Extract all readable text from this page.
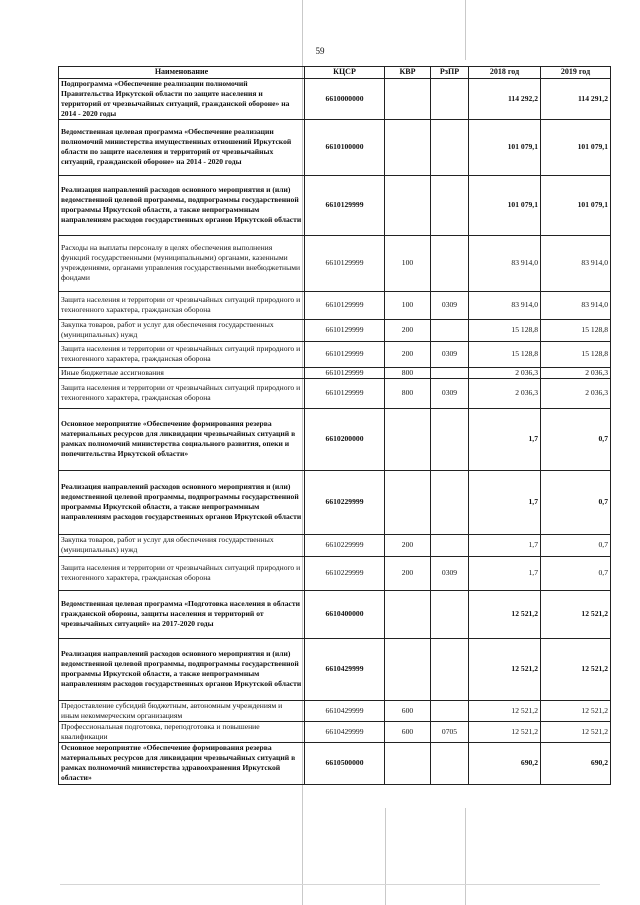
59
Наименование	КЦСР	КВР	РзПР	2018 год	2019 год
Подпрограмма «Обеспечение реализации полномочий Правительства Иркутской области по защите населения и территорий от чрезвычайных ситуаций, гражданской обороне» на 2014 - 2020 годы	6610000000			114 292,2	114 291,2
Ведомственная целевая программа «Обеспечение реализации полномочий министерства имущественных отношений Иркутской области по защите населения и территорий от чрезвычайных ситуаций, гражданской обороне» на 2014 - 2020 годы	6610100000			101 079,1	101 079,1
Реализация направлений расходов основного мероприятия и (или) ведомственной целевой программы, подпрограммы государственной программы Иркутской области, а также непрограммным направлениям расходов государственных органов Иркутской области	6610129999			101 079,1	101 079,1
Расходы на выплаты персоналу в целях обеспечения выполнения функций государственными (муниципальными) органами, казенными учреждениями, органами управления государственными внебюджетными фондами	6610129999	100		83 914,0	83 914,0
Защита населения и территории от чрезвычайных ситуаций природного и техногенного характера, гражданская оборона	6610129999	100	0309	83 914,0	83 914,0
Закупка товаров, работ и услуг для обеспечения государственных (муниципальных) нужд	6610129999	200		15 128,8	15 128,8
Защита населения и территории от чрезвычайных ситуаций природного и техногенного характера, гражданская оборона	6610129999	200	0309	15 128,8	15 128,8
Иные бюджетные ассигнования	6610129999	800		2 036,3	2 036,3
Защита населения и территории от чрезвычайных ситуаций природного и техногенного характера, гражданская оборона	6610129999	800	0309	2 036,3	2 036,3
Основное мероприятие «Обеспечение формирования резерва материальных ресурсов для ликвидации чрезвычайных ситуаций в рамках полномочий министерства социального развития, опеки и попечительства Иркутской области»	6610200000			1,7	0,7
Реализация направлений расходов основного мероприятия и (или) ведомственной целевой программы, подпрограммы государственной программы Иркутской области, а также непрограммным направлениям расходов государственных органов Иркутской области	6610229999			1,7	0,7
Закупка товаров, работ и услуг для обеспечения государственных (муниципальных) нужд	6610229999	200		1,7	0,7
Защита населения и территории от чрезвычайных ситуаций природного и техногенного характера, гражданская оборона	6610229999	200	0309	1,7	0,7
Ведомственная целевая программа «Подготовка населения в области гражданской обороны, защиты населения и территорий от чрезвычайных ситуаций» на 2017-2020 годы	6610400000			12 521,2	12 521,2
Реализация направлений расходов основного мероприятия и (или) ведомственной целевой программы, подпрограммы государственной программы Иркутской области, а также непрограммным направлениям расходов государственных органов Иркутской области	6610429999			12 521,2	12 521,2
Предоставление субсидий бюджетным, автономным учреждениям и иным некоммерческим организациям	6610429999	600		12 521,2	12 521,2
Профессиональная подготовка, переподготовка и повышение квалификации	6610429999	600	0705	12 521,2	12 521,2
Основное мероприятие «Обеспечение формирования резерва материальных ресурсов для ликвидации чрезвычайных ситуаций в рамках полномочий министерства здравоохранения Иркутской области»	6610500000			690,2	690,2
